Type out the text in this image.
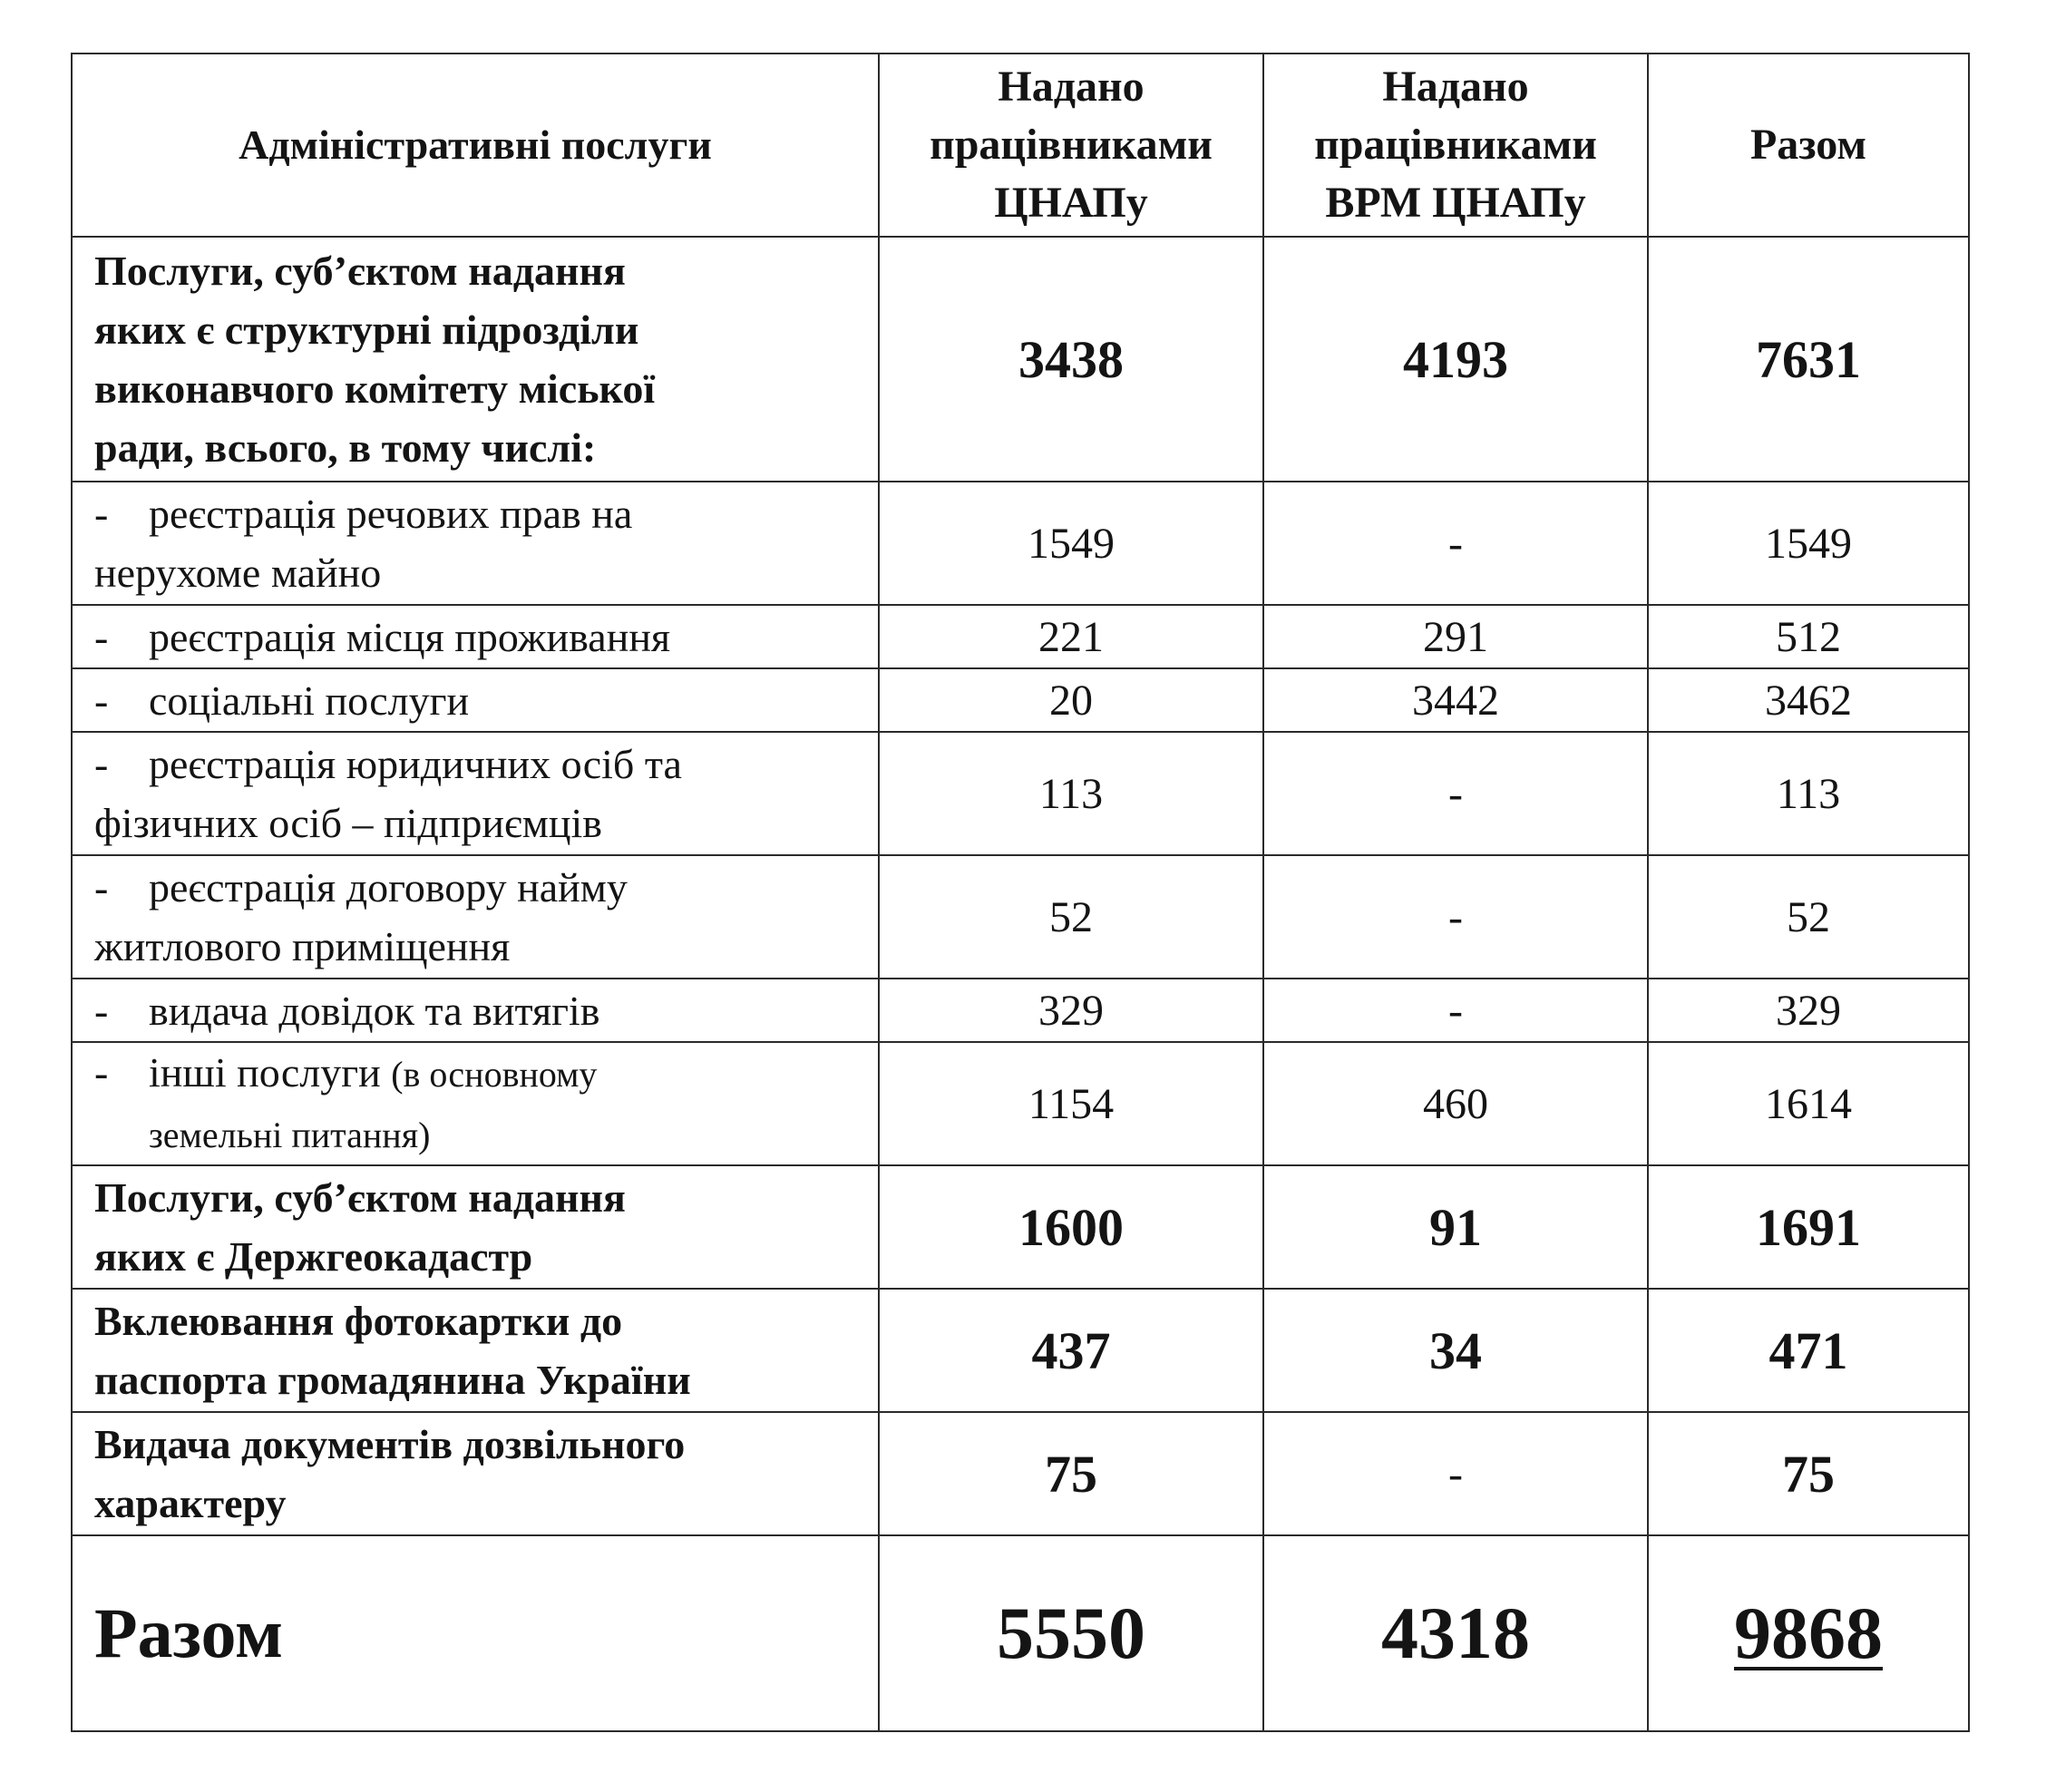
Адміністративні послуги	Надано
працівниками
ЦНАПу	Надано
працівниками
ВРМ ЦНАПу	Разом
Послуги, суб’єктом надання
яких є структурні підрозділи
виконавчого комітету міської
ради, всього, в тому числі:	3438	4193	7631
- реєстрація речових прав на
нерухоме майно	1549	-	1549
- реєстрація місця проживання	221	291	512
- соціальні послуги	20	3442	3462
- реєстрація юридичних осіб та
фізичних осіб – підприємців	113	-	113
- реєстрація договору найму
житлового приміщення	52	-	52
- видача довідок та витягів	329	-	329
- інші послуги (в основному
земельні питання)	1154	460	1614
Послуги, суб’єктом надання
яких є Держгеокадастр	1600	91	1691
Вклеювання фотокартки до
паспорта громадянина України	437	34	471
Видача документів дозвільного
характеру	75	-	75
Разом	5550	4318	9868
